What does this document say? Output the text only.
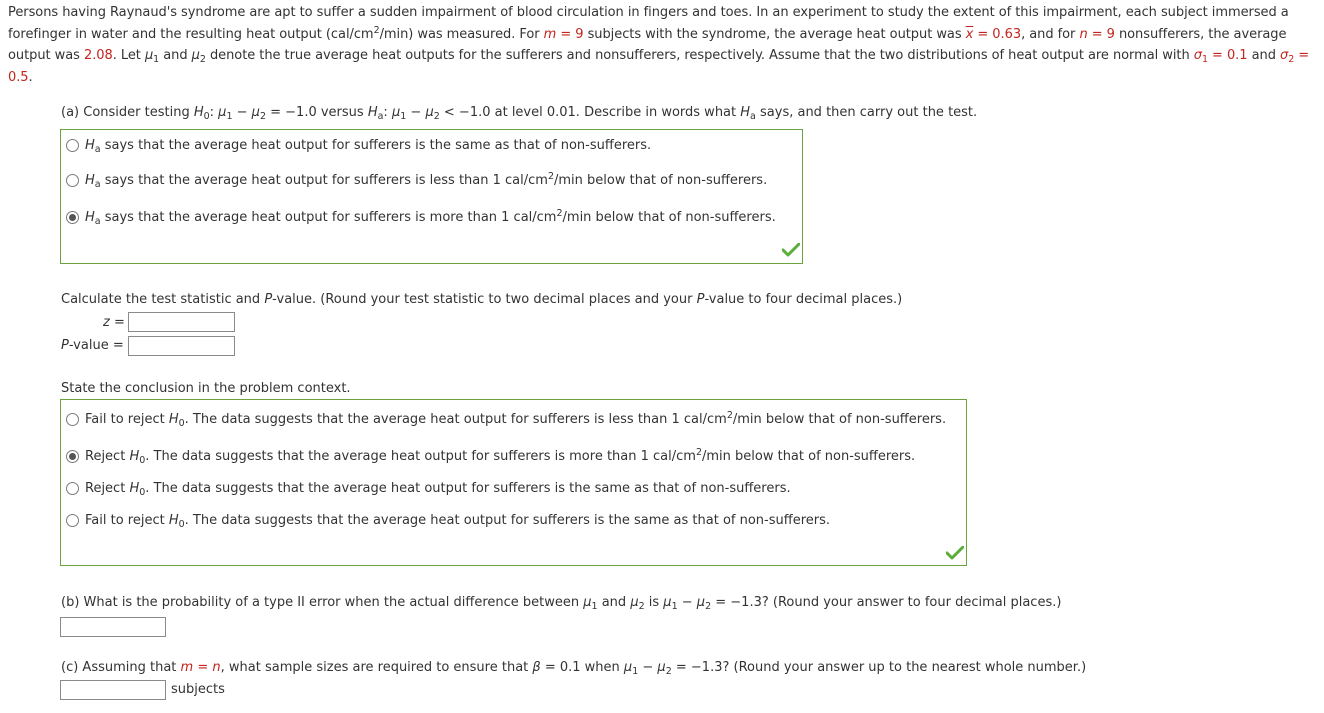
Persons having Raynaud's syndrome are apt to suffer a sudden impairment of blood circulation in fingers and toes. In an experiment to study the extent of this impairment, each subject immersed a forefinger in water and the resulting heat output $(cal/cm^2/\min)$ was measured. For m = 9 subjects with the syndrome, the average heat output was $\overline{x} = 0.63$, and for n = 9 nonsufferers, the average output was 2.08. Let $\mu_1$ and $\mu_2$ denote the true average heat outputs for the sufferers and nonsufferers, respectively. Assume that the two distributions of heat output are normal with $\sigma_1 = 0.1$ and $\sigma_2 = 0.5$.
(a) Consider testing $H_0$: $\mu_1 - \mu_2 = -1.0$ versus $H_a$: $\mu_1 - \mu_2 < -1.0$ at level 0.01. Describe in words what $H_a$ says, and then carry out the test.
$H_a$ says that the average heat output for sufferers is the same as that of non-sufferers.
$H_a$ says that the average heat output for sufferers is less than 1 cal/$cm^2/\min$ below that of non-sufferers.
$H_a$ says that the average heat output for sufferers is more than 1 cal/$cm^2/\min$ below that of non-sufferers.
Calculate the test statistic and P-value. (Round your test statistic to two decimal places and your P-value to four decimal places.)
z =
P-value =
State the conclusion in the problem context.
Fail to reject $H_0$. The data suggests that the average heat output for sufferers is less than 1 cal/$cm^2/\min$ below that of non-sufferers.
Reject $H_0$. The data suggests that the average heat output for sufferers is more than 1 cal/$cm^2/\min$ below that of non-sufferers.
Reject $H_0$. The data suggests that the average heat output for sufferers is the same as that of non-sufferers.
Fail to reject $H_0$. The data suggests that the average heat output for sufferers is the same as that of non-sufferers.
(b) What is the probability of a type II error when the actual difference between $\mu_1$ and $\mu_2$ is $\mu_1 - \mu_2 = -1.3$? (Round your answer to four decimal places.)
(c) Assuming that m = n, what sample sizes are required to ensure that β = 0.1 when $\mu_1 - \mu_2 = -1.3$? (Round your answer up to the nearest whole number.)
subjects
